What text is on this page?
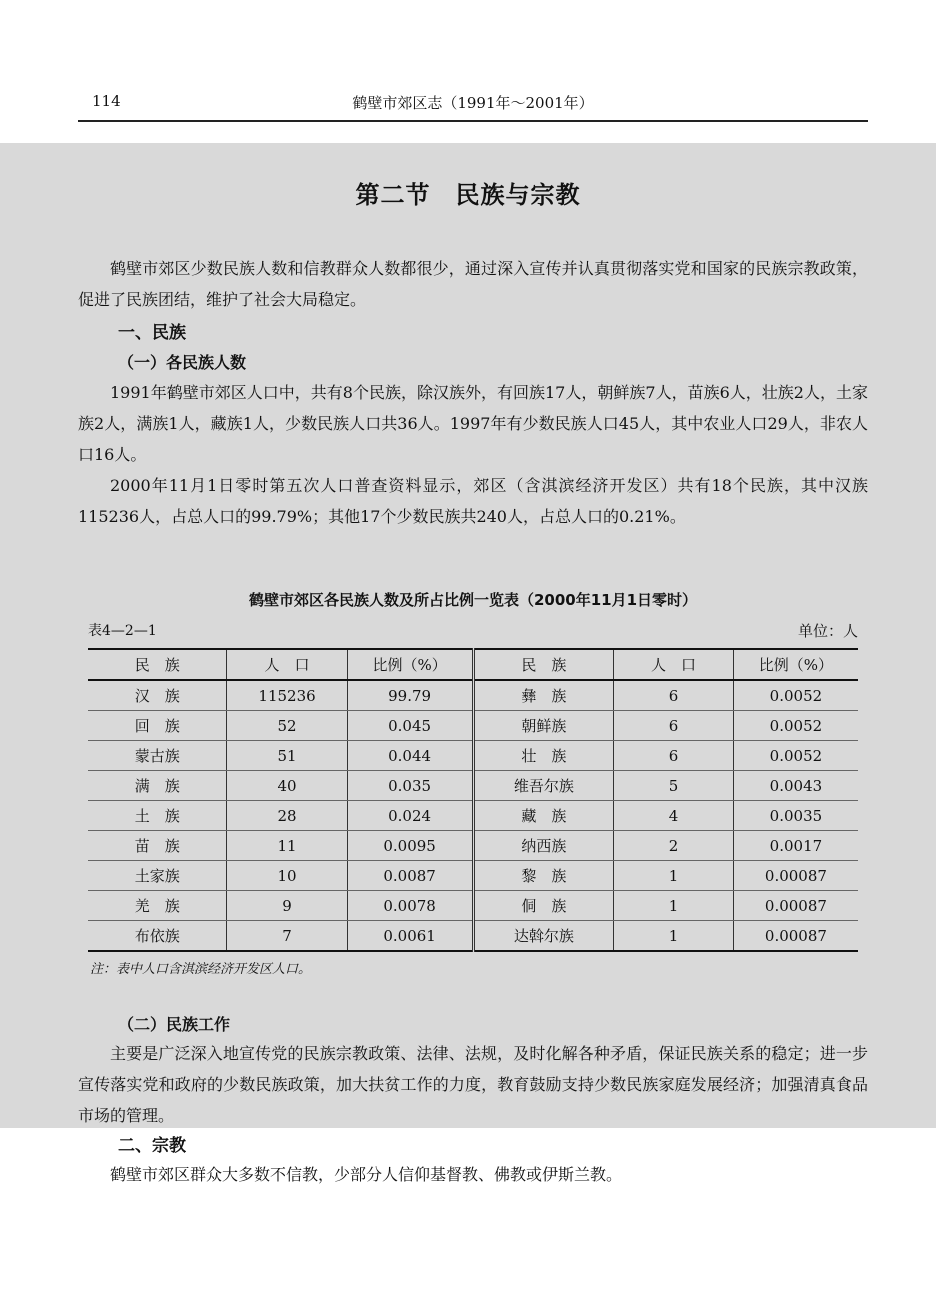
114	鹤壁市郊区志（1991年～2001年）
第二节　民族与宗教

鹤壁市郊区少数民族人数和信教群众人数都很少，通过深入宣传并认真贯彻落实党和国家的民族宗教政策，促进了民族团结，维护了社会大局稳定。

一、民族
（一）各民族人数

1991年鹤壁市郊区人口中，共有8个民族，除汉族外，有回族17人，朝鲜族7人，苗族6人，壮族2人，土家族2人，满族1人，藏族1人，少数民族人口共36人。1997年有少数民族人口45人，其中农业人口29人，非农人口16人。

2000年11月1日零时第五次人口普查资料显示，郊区（含淇滨经济开发区）共有18个民族，其中汉族115236人，占总人口的99.79%；其他17个少数民族共240人，占总人口的0.21%。

鹤壁市郊区各民族人数及所占比例一览表（2000年11月1日零时）
表4—2—1	单位：人
民　族	人　口	比例（%）	民　族	人　口	比例（%）
汉　族	115236	99.79	彝　族	6	0.0052
回　族	52	0.045	朝鲜族	6	0.0052
蒙古族	51	0.044	壮　族	6	0.0052
满　族	40	0.035	维吾尔族	5	0.0043
土　族	28	0.024	藏　族	4	0.0035
苗　族	11	0.0095	纳西族	2	0.0017
土家族	10	0.0087	黎　族	1	0.00087
羌　族	9	0.0078	侗　族	1	0.00087
布依族	7	0.0061	达斡尔族	1	0.00087
注：表中人口含淇滨经济开发区人口。
（二）民族工作

主要是广泛深入地宣传党的民族宗教政策、法律、法规，及时化解各种矛盾，保证民族关系的稳定；进一步宣传落实党和政府的少数民族政策，加大扶贫工作的力度，教育鼓励支持少数民族家庭发展经济；加强清真食品市场的管理。

二、宗教

鹤壁市郊区群众大多数不信教，少部分人信仰基督教、佛教或伊斯兰教。
